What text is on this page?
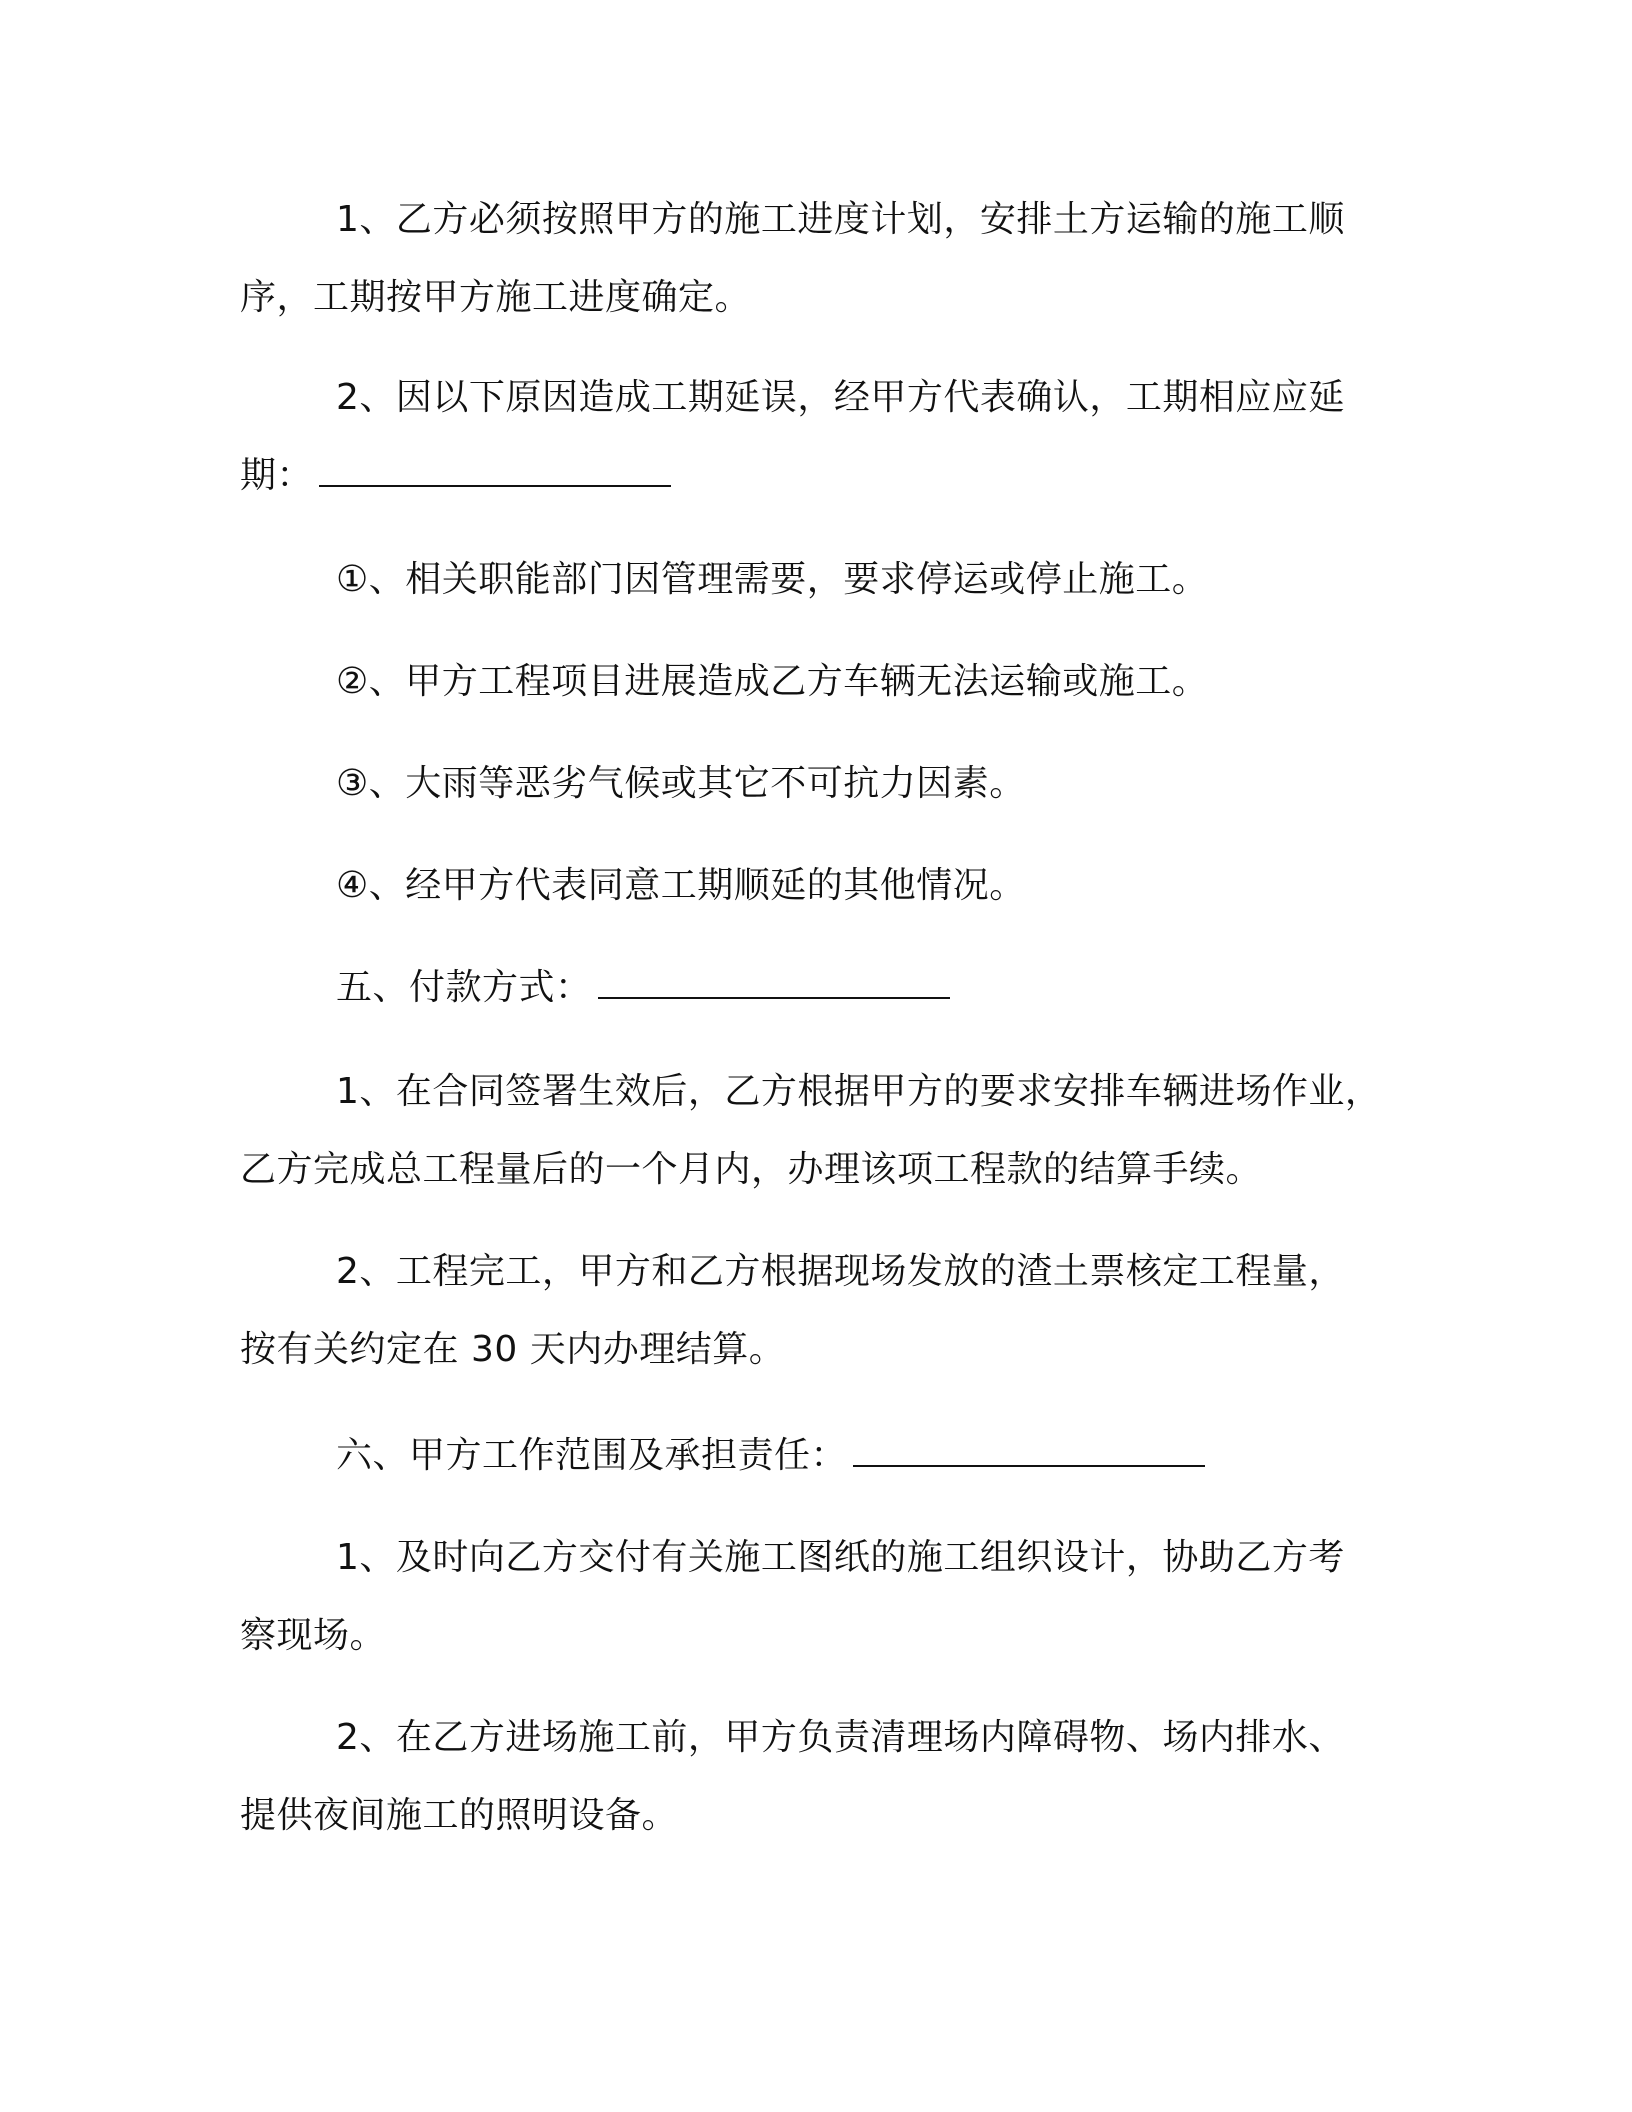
1、乙方必须按照甲方的施工进度计划，安排土方运输的施工顺
序，工期按甲方施工进度确定。
2、因以下原因造成工期延误，经甲方代表确认，工期相应应延
期：
①、相关职能部门因管理需要，要求停运或停止施工。
②、甲方工程项目进展造成乙方车辆无法运输或施工。
③、大雨等恶劣气候或其它不可抗力因素。
④、经甲方代表同意工期顺延的其他情况。
五、付款方式：
1、在合同签署生效后，乙方根据甲方的要求安排车辆进场作业，
乙方完成总工程量后的一个月内，办理该项工程款的结算手续。
2、工程完工，甲方和乙方根据现场发放的渣土票核定工程量，
按有关约定在 30 天内办理结算。
六、甲方工作范围及承担责任：
1、及时向乙方交付有关施工图纸的施工组织设计，协助乙方考
察现场。
2、在乙方进场施工前，甲方负责清理场内障碍物、场内排水、
提供夜间施工的照明设备。
